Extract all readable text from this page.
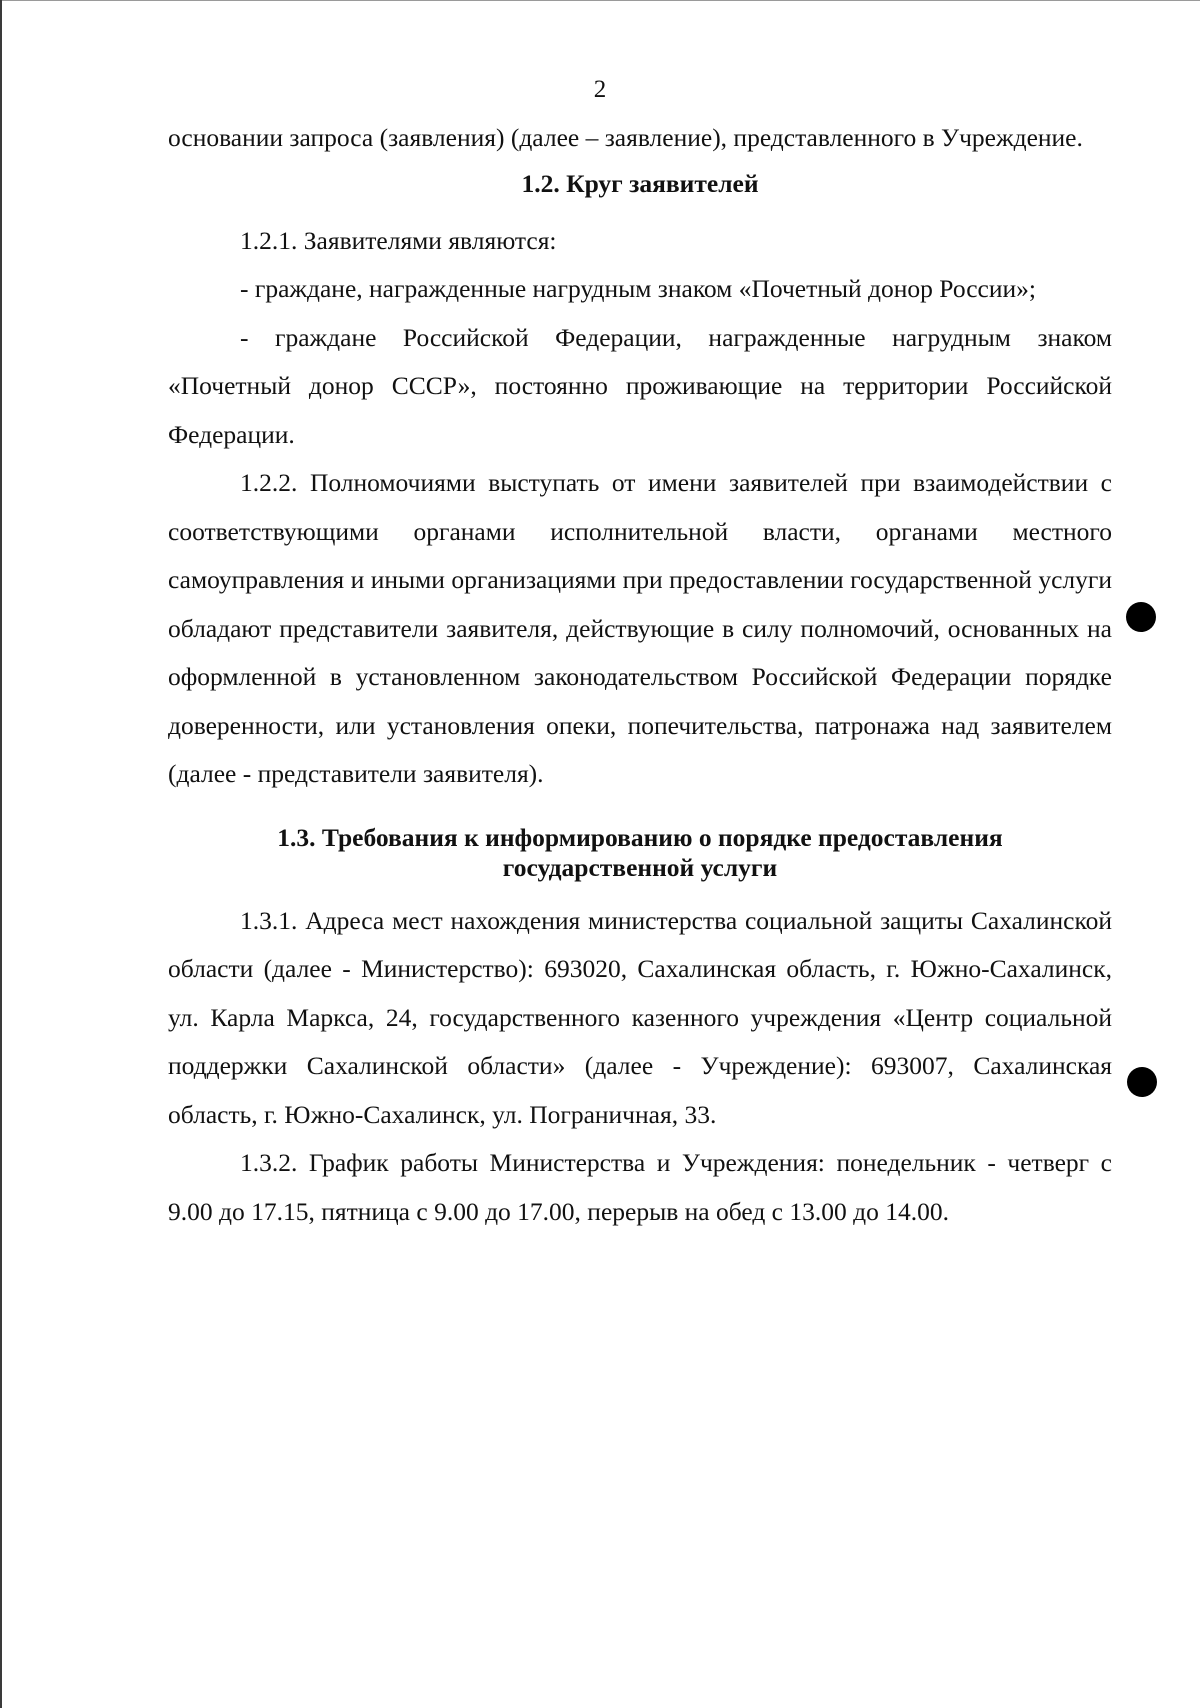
2

основании запроса (заявления) (далее – заявление), представленного в Учреждение.

1.2. Круг заявителей

1.2.1. Заявителями являются:

- граждане, награжденные нагрудным знаком «Почетный донор России»;

- граждане Российской Федерации, награжденные нагрудным знаком «Почетный донор СССР», постоянно проживающие на территории Российской Федерации.

1.2.2. Полномочиями выступать от имени заявителей при взаимодействии с соответствующими органами исполнительной власти, органами местного самоуправления и иными организациями при предоставлении государственной услуги обладают представители заявителя, действующие в силу полномочий, основанных на оформленной в установленном законодательством Российской Федерации порядке доверенности, или установления опеки, попечительства, патронажа над заявителем (далее - представители заявителя).

1.3. Требования к информированию о порядке предоставления
государственной услуги

1.3.1. Адреса мест нахождения министерства социальной защиты Сахалинской области (далее - Министерство): 693020, Сахалинская область, г. Южно-Сахалинск, ул. Карла Маркса, 24, государственного казенного учреждения «Центр социальной поддержки Сахалинской области» (далее - Учреждение): 693007, Сахалинская область, г. Южно-Сахалинск, ул. Пограничная, 33.

1.3.2. График работы Министерства и Учреждения: понедельник - четверг с 9.00 до 17.15, пятница с 9.00 до 17.00, перерыв на обед с 13.00 до 14.00.
